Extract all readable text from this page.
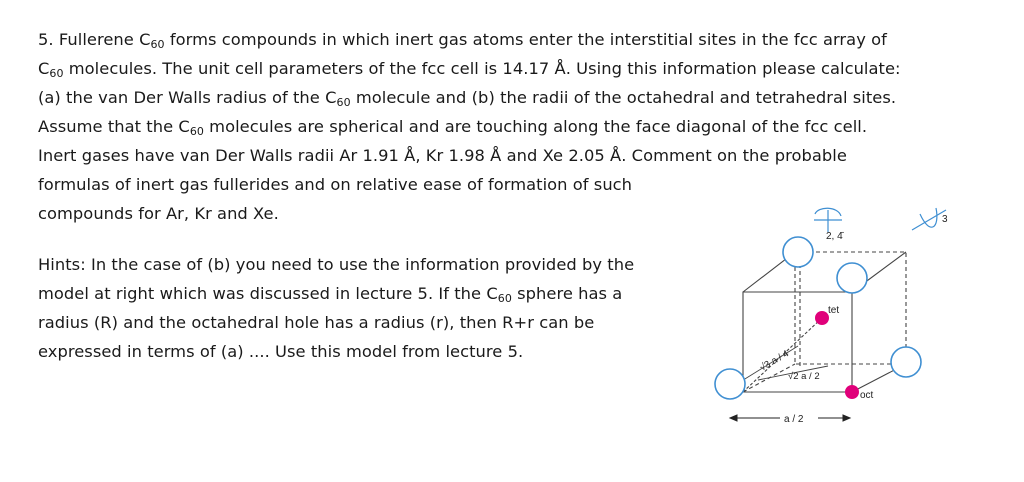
5. Fullerene $C_{60}$ forms compounds in which inert gas atoms enter the interstitial sites in the fcc array of
$C_{60}$ molecules. The unit cell parameters of the fcc cell is 14.17 Å. Using this information please calculate:
(a) the van Der Walls radius of the $C_{60}$ molecule and (b) the radii of the octahedral and tetrahedral sites.
Assume that the $C_{60}$ molecules are spherical and are touching along the face diagonal of the fcc cell.
Inert gases have van Der Walls radii Ar 1.91 Å, Kr 1.98 Å and Xe 2.05 Å. Comment on the probable
formulas of inert gas fullerides and on relative ease of formation of such
compounds for Ar, Kr and Xe.
Hints: In the case of (b) you need to use the information provided by the
model at right which was discussed in lecture 5. If the $C_{60}$ sphere has a
radius (R) and the octahedral hole has a radius (r), then R+r can be
expressed in terms of (a) .... Use this model from lecture 5.
2, 4̄
3
tet
oct
√3 a / 4
√2 a / 2
a / 2
